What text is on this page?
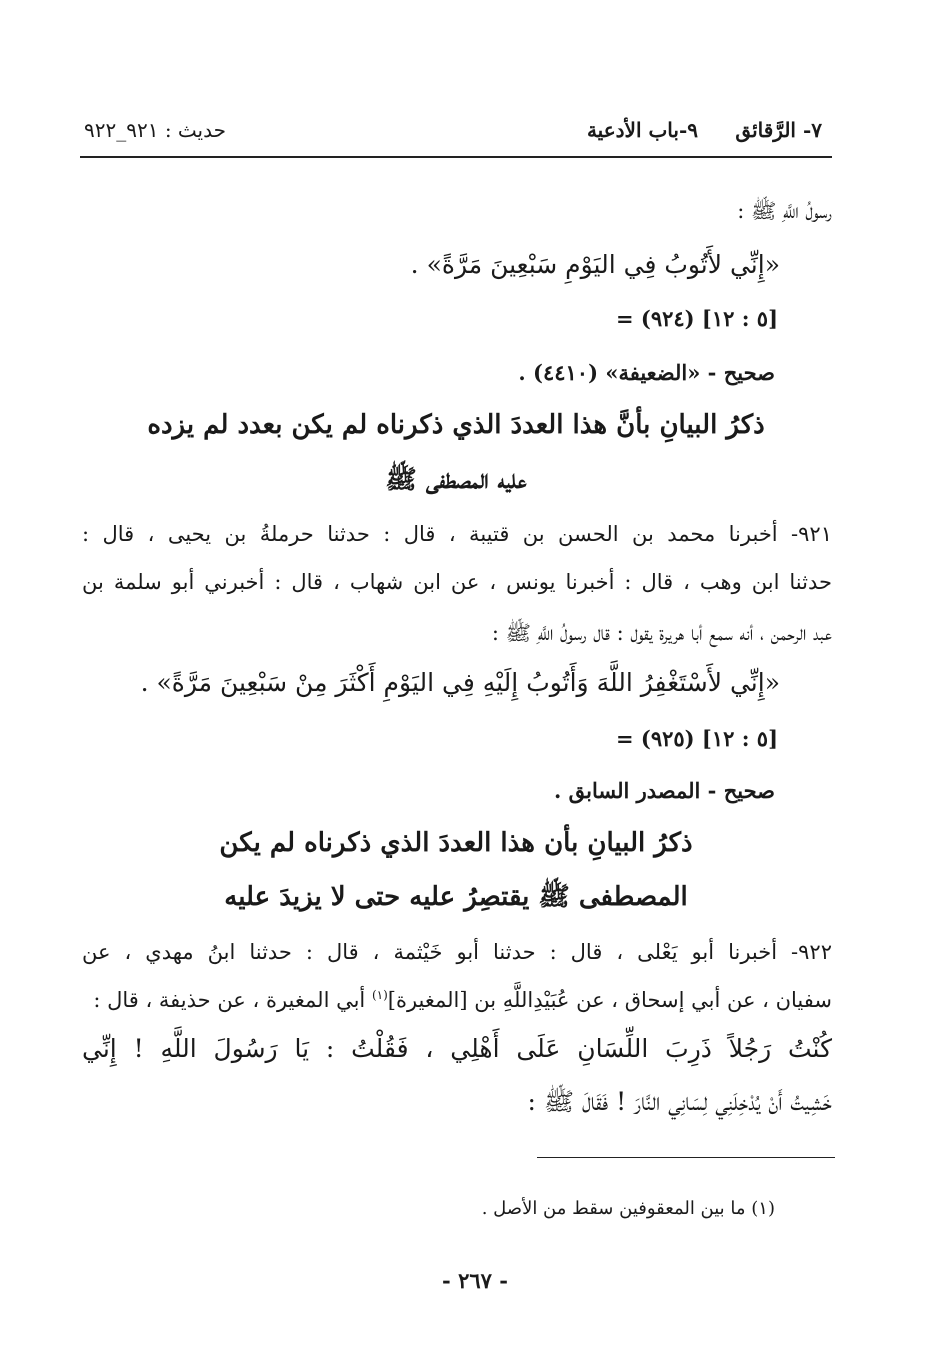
٧- الرَّقائق
٩-باب الأدعية
حديث : ٩٢١_٩٢٢
رسولُ اللَّهِ ﷺ :
«إِنِّي لأَتُوبُ فِي اليَوْمِ سَبْعِينَ مَرَّةً» .
= (٩٢٤) [٥ : ١٢]
صحيح - «الضعيفة» (٤٤١٠) .
ذكرُ البيانِ بأنَّ هذا العددَ الذي ذكرناه لم يكن بعدد لم يزده
عليه المصطفى ﷺ
٩٢١- أخبرنا محمد بن الحسن بن قتيبة ، قال : حدثنا حرملةُ بن يحيى ، قال :
حدثنا ابن وهب ، قال : أخبرنا يونس ، عن ابن شهاب ، قال : أخبرني أبو سلمة بن
عبد الرحمن ، أنه سمع أبا هريرة يقول : قال رسولُ اللَّهِ ﷺ :
«إِنِّي لأَسْتَغْفِرُ اللَّهَ وَأَتُوبُ إِلَيْهِ فِي اليَوْمِ أَكْثَرَ مِنْ سَبْعِينَ مَرَّةً» .
= (٩٢٥) [٥ : ١٢]
صحيح - المصدر السابق .
ذكرُ البيانِ بأن هذا العددَ الذي ذكرناه لم يكن
المصطفى ﷺ يقتصِرُ عليه حتى لا يزيدَ عليه
٩٢٢- أخبرنا أبو يَعْلى ، قال : حدثنا أبو خَيْثمة ، قال : حدثنا ابنُ مهدي ، عن
سفيان ، عن أبي إسحاق ، عن عُبَيْدِاللَّهِ بن [المغيرة]$^{(١)}$ أبي المغيرة ، عن حذيفة ، قال :
كُنْتُ رَجُلاً ذَرِبَ اللِّسَانِ عَلَى أَهْلِي ، فَقُلْتُ : يَا رَسُولَ اللَّهِ ! إِنِّي
خَشِيتُ أَنْ يُدْخِلَنِي لِسَانِي النَّارَ ! فَقَالَ ﷺ :
(١) ما بين المعقوفين سقط من الأصل .
- ٢٦٧ -
